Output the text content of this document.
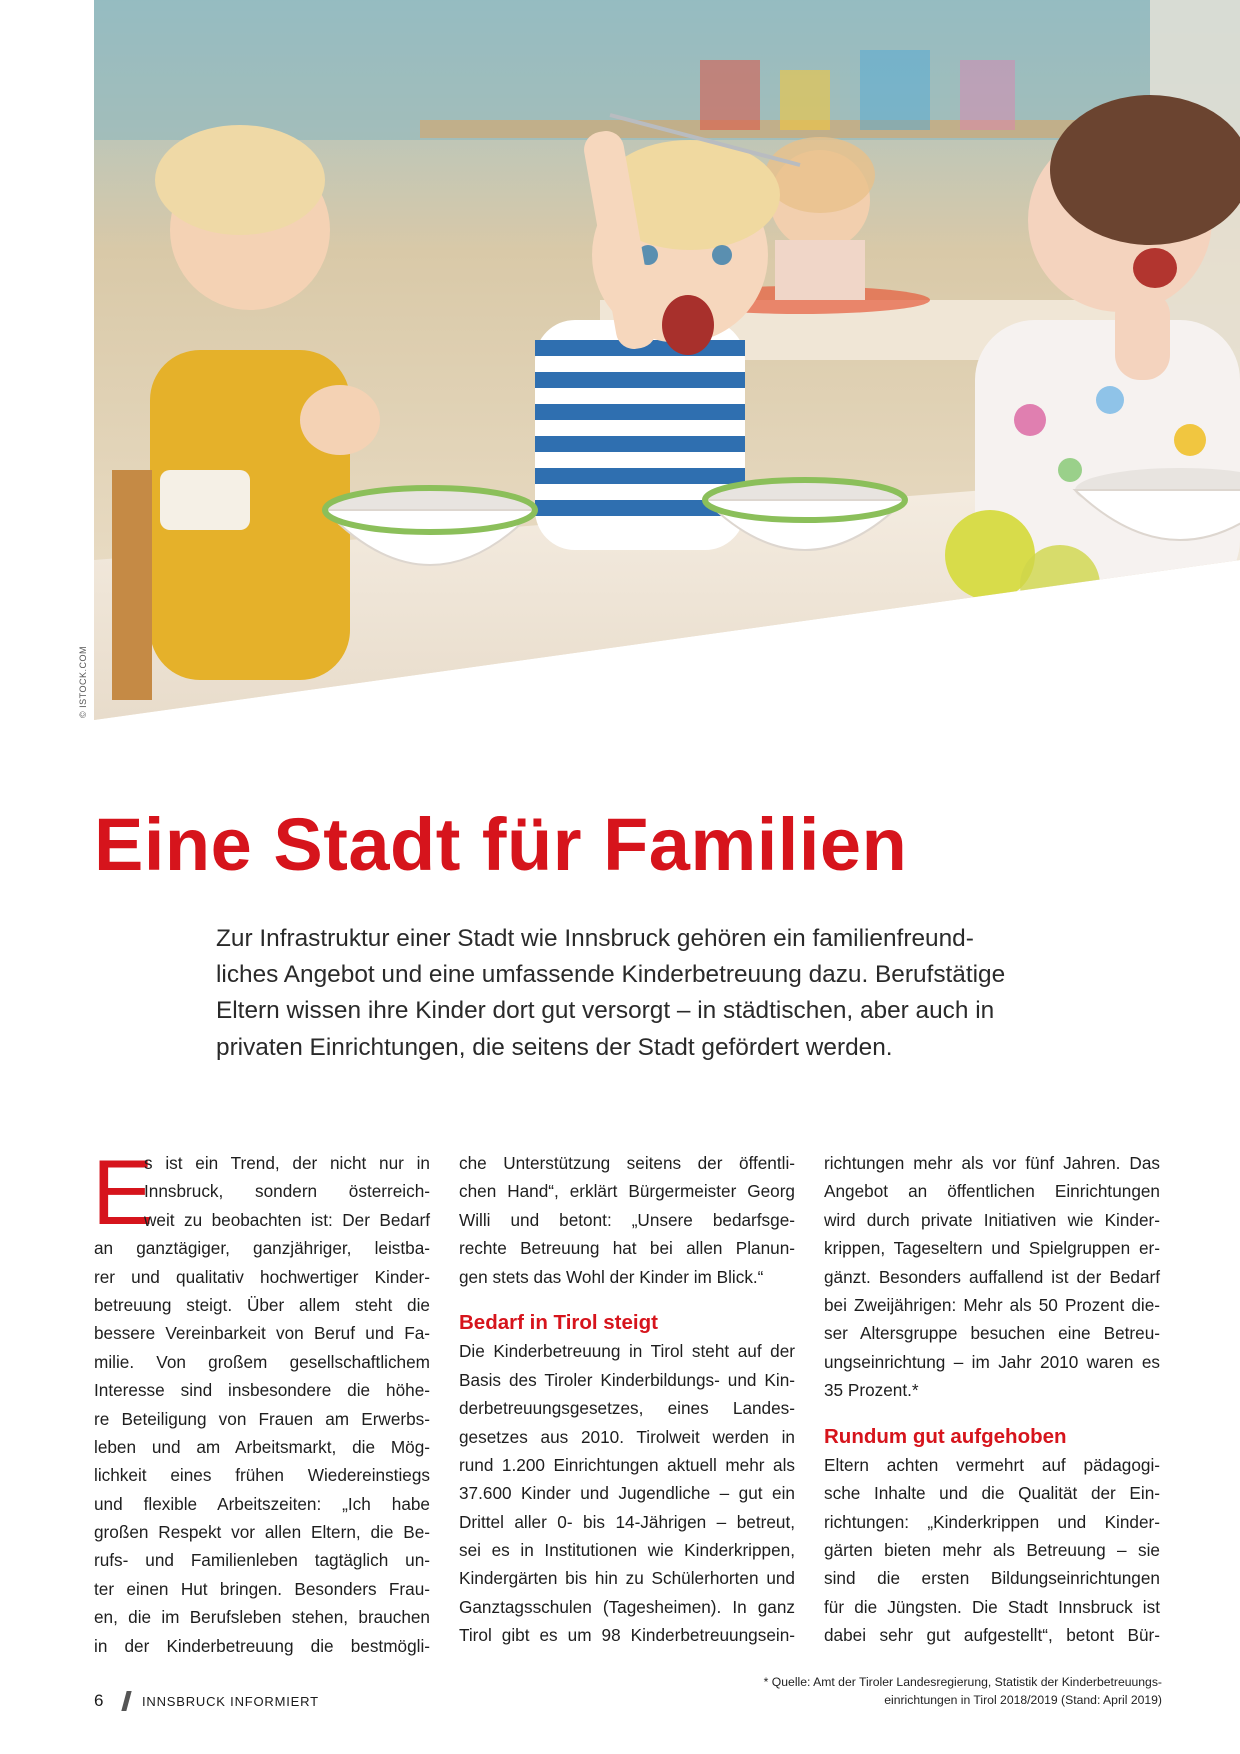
© ISTOCK.COM
Eine Stadt für Familien
Zur Infrastruktur einer Stadt wie Innsbruck gehören ein familienfreund-
liches Angebot und eine umfassende Kinderbetreuung dazu. Berufstätige
Eltern wissen ihre Kinder dort gut versorgt – in städtischen, aber auch in
privaten Einrichtungen, die seitens der Stadt gefördert werden.
E
s ist ein Trend, der nicht nur in
Innsbruck, sondern österreich-
weit zu beobachten ist: Der Bedarf
an ganztägiger, ganzjähriger, leistba-
rer und qualitativ hochwertiger Kinder-
betreuung steigt. Über allem steht die
bessere Vereinbarkeit von Beruf und Fa-
milie. Von großem gesellschaftlichem
Interesse sind insbesondere die höhe-
re Beteiligung von Frauen am Erwerbs-
leben und am Arbeitsmarkt, die Mög-
lichkeit eines frühen Wiedereinstiegs
und flexible Arbeitszeiten: „Ich habe
großen Respekt vor allen Eltern, die Be-
rufs- und Familienleben tagtäglich un-
ter einen Hut bringen. Besonders Frau-
en, die im Berufsleben stehen, brauchen
in der Kinderbetreuung die bestmögli-
che Unterstützung seitens der öffentli-
chen Hand“, erklärt Bürgermeister Georg
Willi und betont: „Unsere bedarfsge-
rechte Betreuung hat bei allen Planun-
gen stets das Wohl der Kinder im Blick.“
Bedarf in Tirol steigt
Die Kinderbetreuung in Tirol steht auf der
Basis des Tiroler Kinderbildungs- und Kin-
derbetreuungsgesetzes, eines Landes-
gesetzes aus 2010. Tirolweit werden in
rund 1.200 Einrichtungen aktuell mehr als
37.600 Kinder und Jugendliche – gut ein
Drittel aller 0- bis 14-Jährigen – betreut,
sei es in Institutionen wie Kinderkrippen,
Kindergärten bis hin zu Schülerhorten und
Ganztagsschulen (Tagesheimen). In ganz
Tirol gibt es um 98 Kinderbetreuungsein-
richtungen mehr als vor fünf Jahren. Das
Angebot an öffentlichen Einrichtungen
wird durch private Initiativen wie Kinder-
krippen, Tageseltern und Spielgruppen er-
gänzt. Besonders auffallend ist der Bedarf
bei Zweijährigen: Mehr als 50 Prozent die-
ser Altersgruppe besuchen eine Betreu-
ungseinrichtung – im Jahr 2010 waren es
35 Prozent.*
Rundum gut aufgehoben
Eltern achten vermehrt auf pädagogi-
sche Inhalte und die Qualität der Ein-
richtungen: „Kinderkrippen und Kinder-
gärten bieten mehr als Betreuung – sie
sind die ersten Bildungseinrichtungen
für die Jüngsten. Die Stadt Innsbruck ist
dabei sehr gut aufgestellt“, betont Bür-
6	INNSBRUCK INFORMIERT
* Quelle: Amt der Tiroler Landesregierung, Statistik der Kinderbetreuungs-
einrichtungen in Tirol 2018/2019 (Stand: April 2019)
